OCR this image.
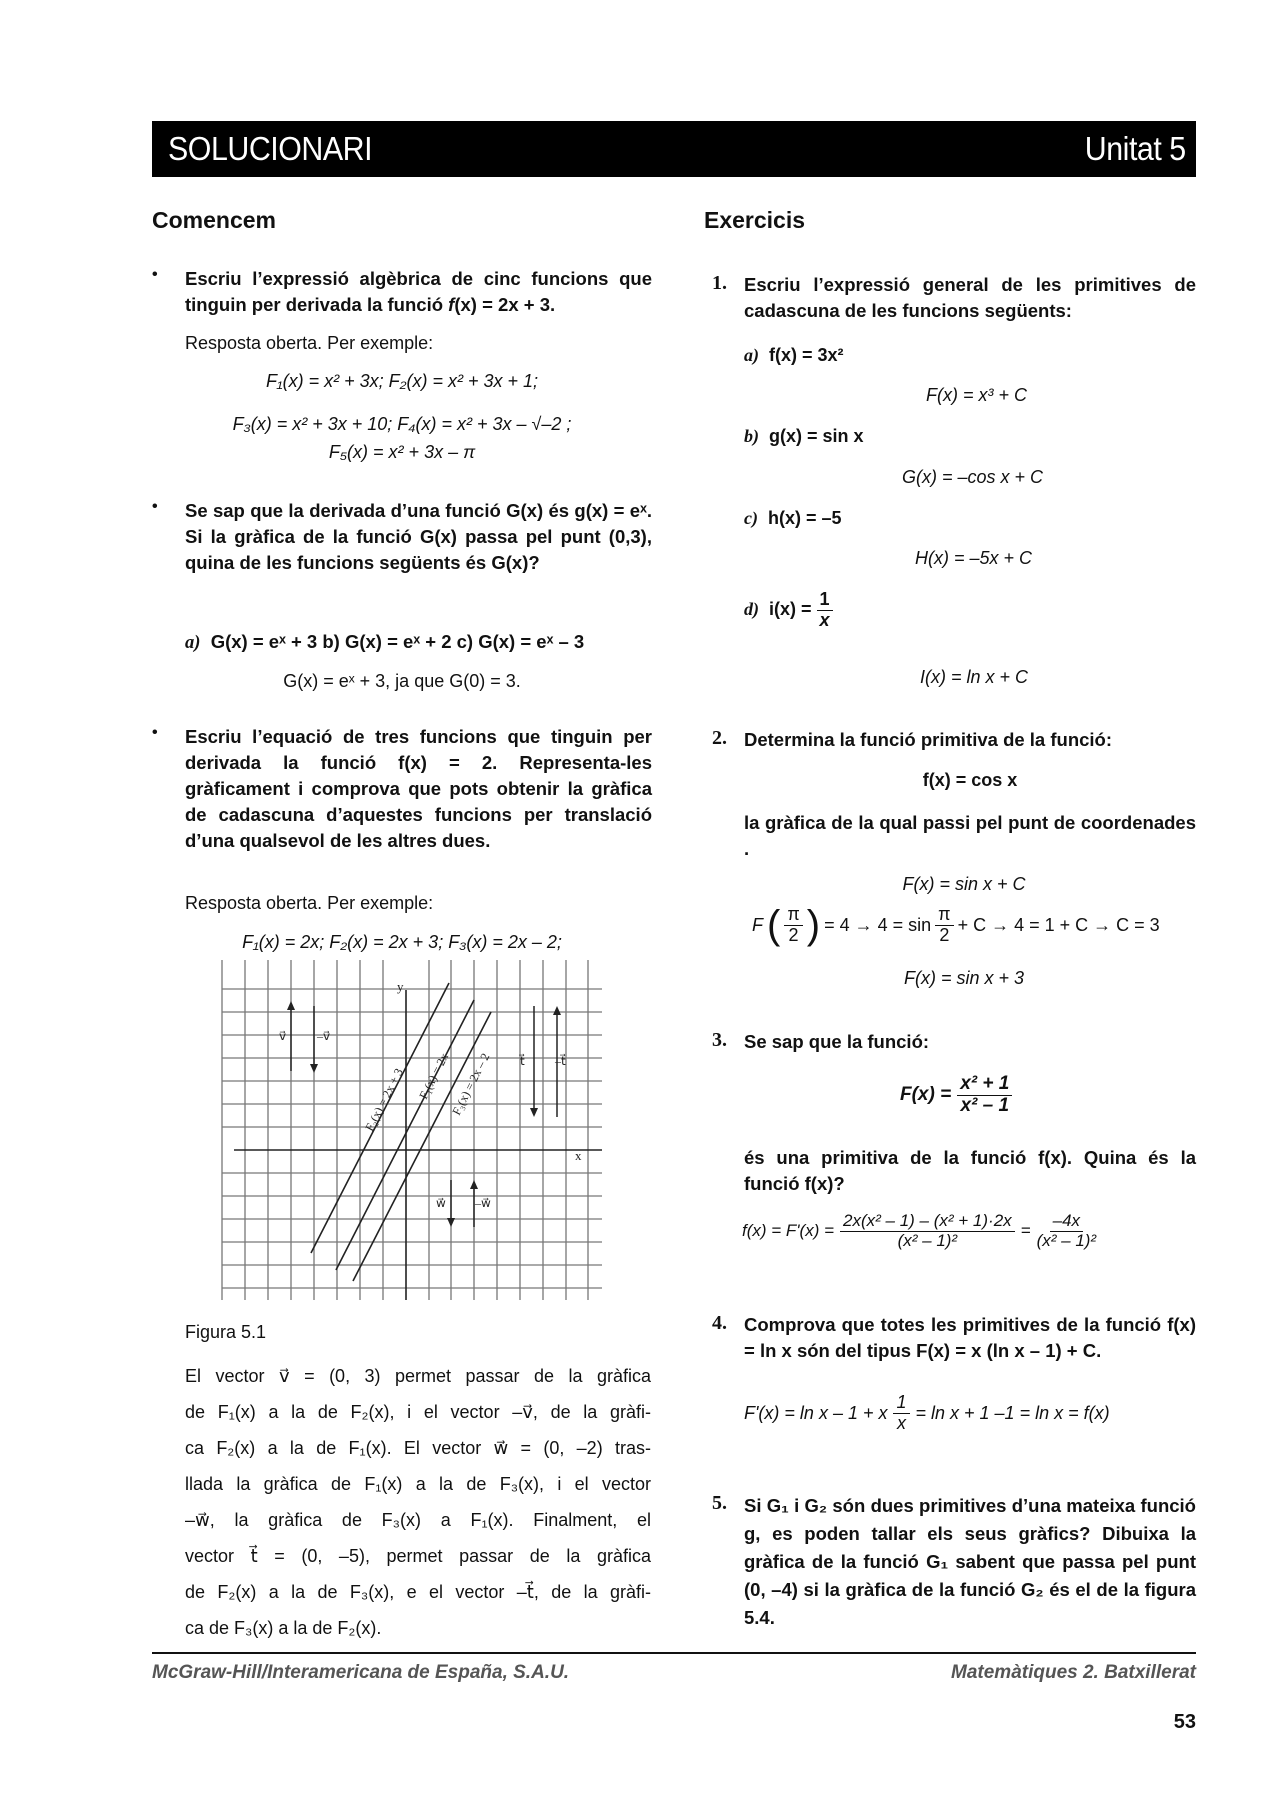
SOLUCIONARI	Unitat 5
Comencem
• Escriu l’expressió algèbrica de cinc funcions que tinguin per derivada la funció f(x) = 2x + 3.
Resposta oberta. Per exemple:
F₁(x) = x² + 3x; F₂(x) = x² + 3x + 1;
F₃(x) = x² + 3x + 10; F₄(x) = x² + 3x – √–2 ;
F₅(x) = x² + 3x – π
• Se sap que la derivada d’una funció G(x) és g(x) = eˣ. Si la gràfica de la funció G(x) passa pel punt (0,3), quina de les funcions següents és G(x)?
a) G(x) = eˣ + 3 b) G(x) = eˣ + 2 c) G(x) = eˣ – 3
G(x) = eˣ + 3, ja que G(0) = 3.
• Escriu l’equació de tres funcions que tinguin per derivada la funció f(x) = 2. Representa-les gràficament i comprova que pots obtenir la gràfica de cadascuna d’aquestes funcions per translació d’una qualsevol de les altres dues.
Resposta oberta. Per exemple:
F₁(x) = 2x; F₂(x) = 2x + 3; F₃(x) = 2x – 2;
y
x
F₂(x) = 2x + 3 F₁(x) = 2x
F₃(x) = 2x – 2
v⃗	–v⃗
t⃗	–t⃗
w⃗ –w⃗
Figura 5.1
El vector v⃗ = (0, 3) permet passar de la gràfica
de F₁(x) a la de F₂(x), i el vector –v⃗, de la gràfi-
ca F₂(x) a la de F₁(x). El vector w⃗ = (0, –2) tras-
llada la gràfica de F₁(x) a la de F₃(x), i el vector
–w⃗, la gràfica de F₃(x) a F₁(x). Finalment, el
vector t⃗ = (0, –5), permet passar de la gràfica
de F₂(x) a la de F₃(x), e el vector –t⃗, de la gràfi-
ca de F₃(x) a la de F₂(x).
Exercicis
1. Escriu l’expressió general de les primitives de cadascuna de les funcions següents:
a) f(x) = 3x²
F(x) = x³ + C
b) g(x) = sin x
G(x) = –cos x + C
c) h(x) = –5
H(x) = –5x + C
d) $i(x) = \frac{1}{x}$
I(x) = ln x + C
2. Determina la funció primitiva de la funció:
f(x) = cos x
la gràfica de la qual passi pel punt de coordenades .
F(x) = sin x + C
F ( $\frac{\pi}{2}$ ) = $4 \to 4 = \sin \frac{\pi}{2} + C \to 4 = 1 + C \to C = 3$
F(x) = sin x + 3
3. Se sap que la funció:
$F(x) = \frac{\text{x² + 1}}{\text{x² – 1}}$
és una primitiva de la funció f(x). Quina és la funció f(x)?
$f(x) = F'(x) = \frac{\text{2x(x² – 1) – (x² + 1)·2x}}{\text{(x² – 1)²}} = \frac{-4x}{\text{(x² – 1)²}}$
4. Comprova que totes les primitives de la funció f(x) = ln x són del tipus F(x) = x (ln x – 1) + C.
F'(x) = ln x – 1 + x $\frac{1}{x} = \ln x + 1$ –1 = ln x = f(x)
5. Si G₁ i G₂ són dues primitives d’una mateixa funció g, es poden tallar els seus gràfics? Dibuixa la gràfica de la funció G₁ sabent que passa pel punt (0, –4) si la gràfica de la funció G₂ és el de la figura 5.4.
McGraw-Hill/Interamericana de España, S.A.U.	Matemàtiques 2. Batxillerat
53
